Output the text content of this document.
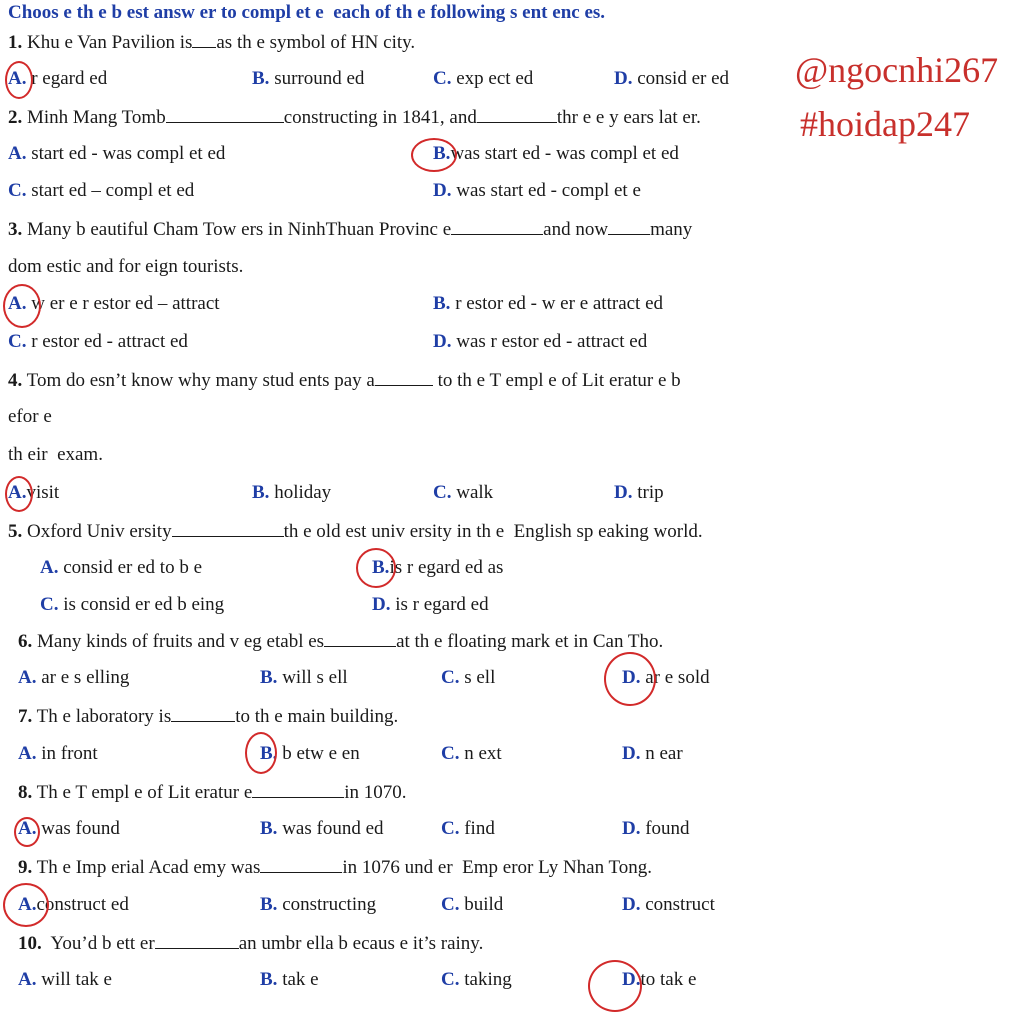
Choos e th e b est answ er to compl et e  each of th e following s ent enc es.
@ngocnhi267
#hoidap247
1. Khu e Van Pavilion is as th e symbol of HN city.
A. r egard ed	B. surround ed	C. exp ect ed	D. consid er ed
2. Minh Mang Tomb	constructing in 1841, and	thr e e y ears lat er.
A. start ed - was compl et ed	B.was start ed - was compl et ed
C. start ed – compl et ed	D. was start ed - compl et e
3. Many b eautiful Cham Tow ers in NinhThuan Provinc e	and now many
dom estic and for eign tourists.
A. w er e r estor ed – attract	B. r estor ed - w er e attract ed
C. r estor ed - attract ed	D. was r estor ed - attract ed
4. Tom do esn’t know why many stud ents pay a	to th e T empl e of Lit eratur e b
efor e
th eir  exam.
A.visit	B. holiday	C. walk	D. trip
5. Oxford Univ ersity	th e old est univ ersity in th e  English sp eaking world.
A. consid er ed to b e	B.is r egard ed as
C. is consid er ed b eing	D. is r egard ed
6. Many kinds of fruits and v eg etabl es	at th e floating mark et in Can Tho.
A. ar e s elling	B. will s ell	C. s ell	D. ar e sold
7. Th e laboratory is	to th e main building.
A. in front	B. b etw e en	C. n ext	D. n ear
8. Th e T empl e of Lit eratur e	in 1070.
A. was found	B. was found ed	C. find	D. found
9. Th e Imp erial Acad emy was	in 1076 und er  Emp eror Ly Nhan Tong.
A.construct ed	B. constructing	C. build	D. construct
10. You’d b ett er	an umbr ella b ecaus e it’s rainy.
A. will tak e	B. tak e	C. taking	D.to tak e
